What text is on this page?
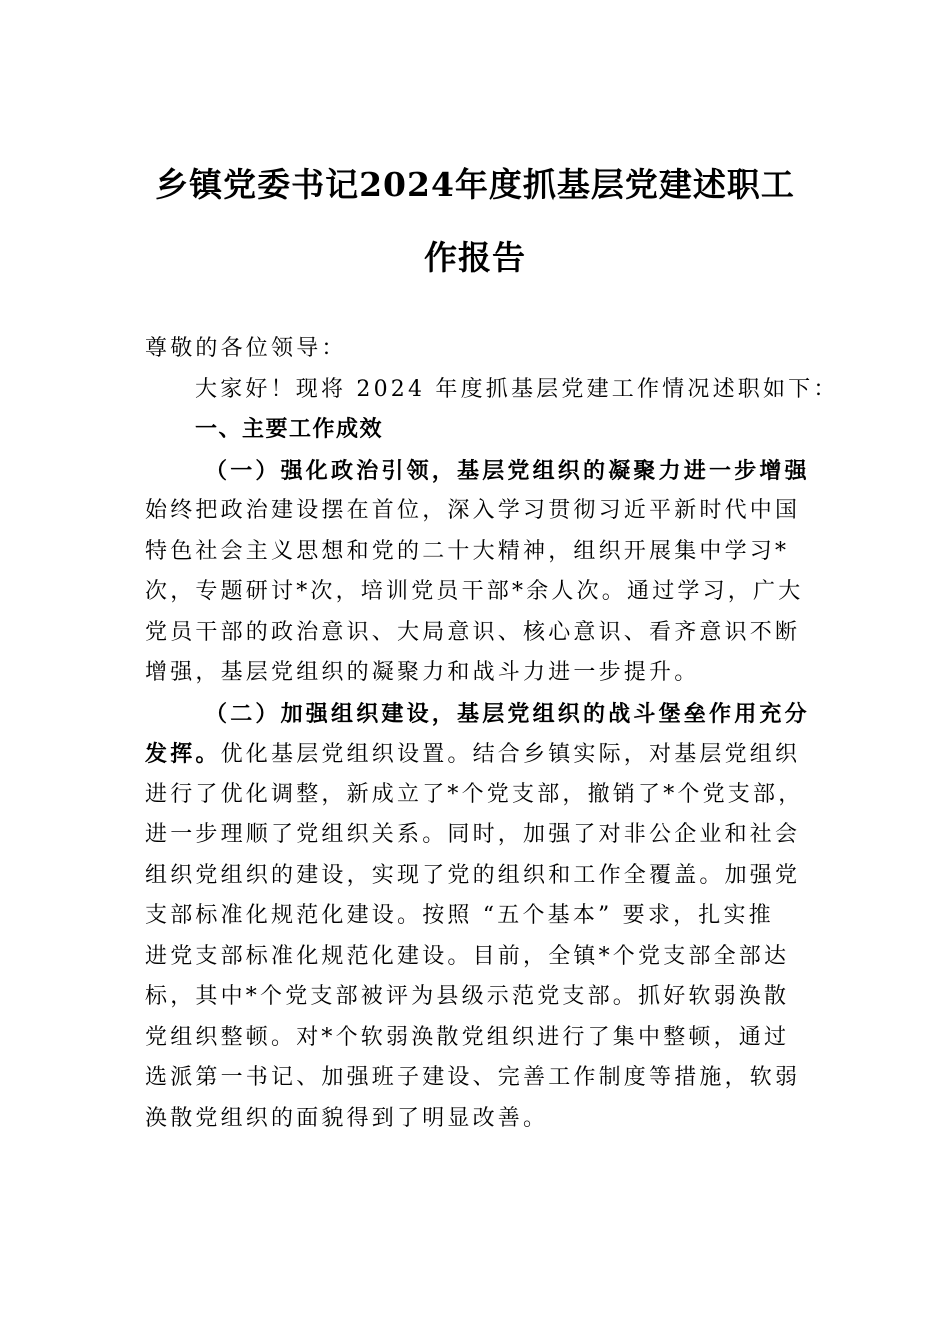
乡镇党委书记2024年度抓基层党建述职工
作报告
尊敬的各位领导：
大家好！现将 2024 年度抓基层党建工作情况述职如下：
一、主要工作成效
（一）强化政治引领，基层党组织的凝聚力进一步增强
始终把政治建设摆在首位，深入学习贯彻习近平新时代中国
特色社会主义思想和党的二十大精神，组织开展集中学习*
次，专题研讨*次，培训党员干部*余人次。通过学习，广大
党员干部的政治意识、大局意识、核心意识、看齐意识不断
增强，基层党组织的凝聚力和战斗力进一步提升。
（二）加强组织建设，基层党组织的战斗堡垒作用充分
发挥。优化基层党组织设置。结合乡镇实际，对基层党组织
进行了优化调整，新成立了*个党支部，撤销了*个党支部，
进一步理顺了党组织关系。同时，加强了对非公企业和社会
组织党组织的建设，实现了党的组织和工作全覆盖。加强党
支部标准化规范化建设。按照 “五个基本” 要求，扎实推
进党支部标准化规范化建设。目前，全镇*个党支部全部达
标，其中*个党支部被评为县级示范党支部。抓好软弱涣散
党组织整顿。对*个软弱涣散党组织进行了集中整顿，通过
选派第一书记、加强班子建设、完善工作制度等措施，软弱
涣散党组织的面貌得到了明显改善。
